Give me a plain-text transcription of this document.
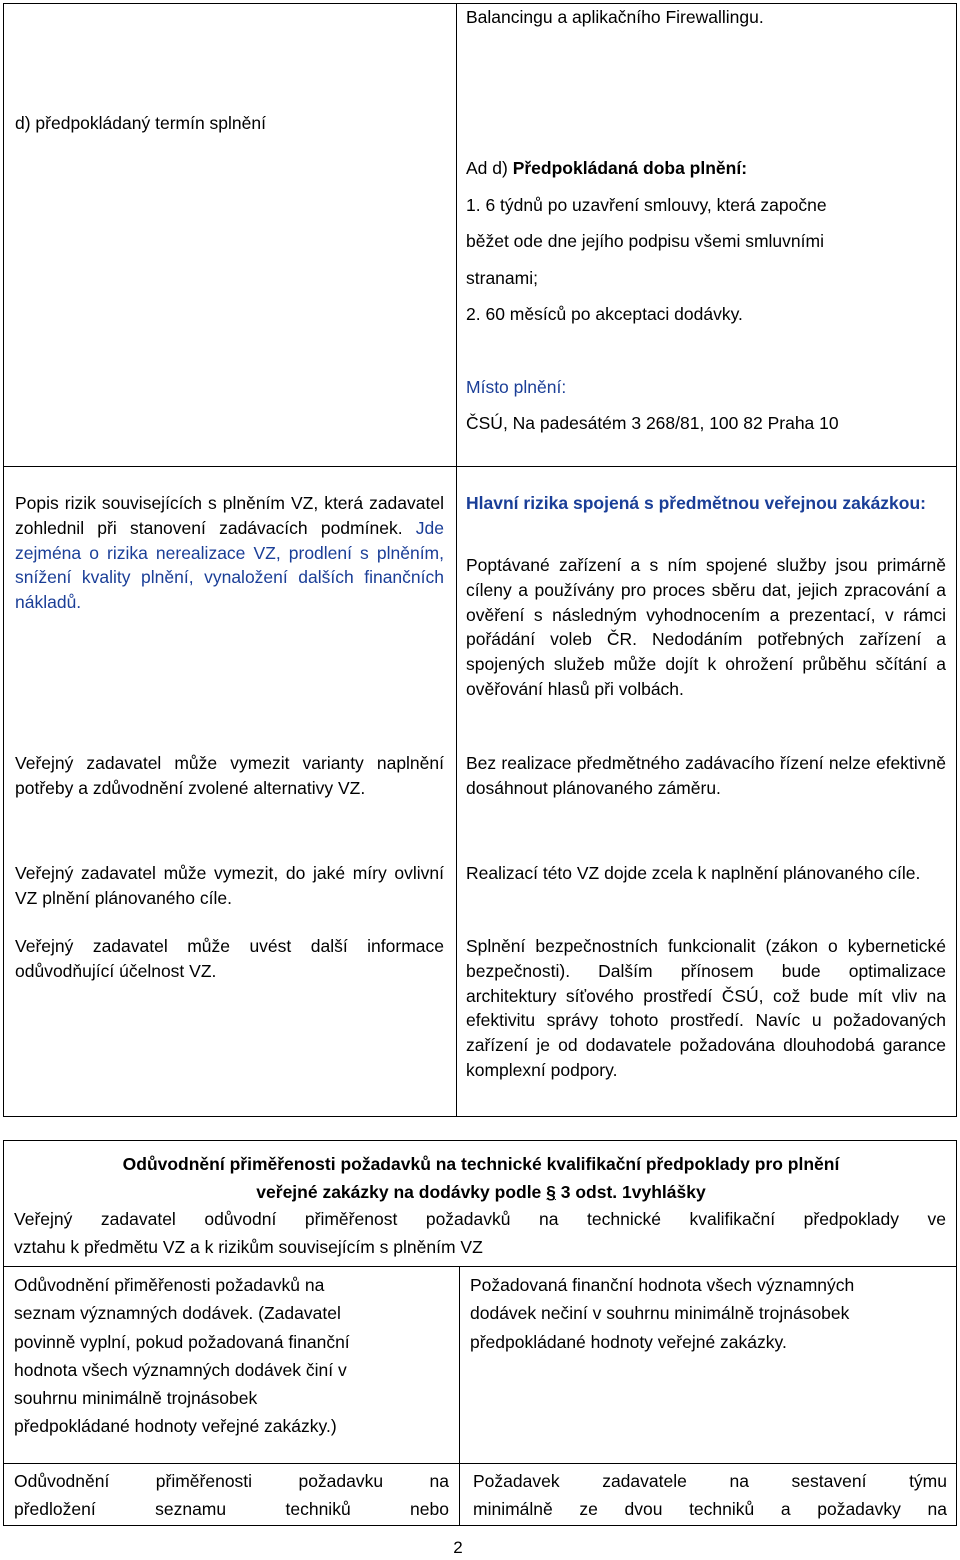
Balancingu a aplikačního Firewallingu.

Ad d) Předpokládaná doba plnění:

1. 6 týdnů po uzavření smlouvy, která započne

běžet ode dne jejího podpisu všemi smluvními

stranami;

2. 60 měsíců po akceptaci dodávky.

Místo plnění:

ČSÚ, Na padesátém 3 268/81, 100 82 Praha 10

d) předpokládaný termín splnění

Popis rizik souvisejících s plněním VZ, která zadavatel zohlednil při stanovení zadávacích podmínek. Jde zejména o rizika nerealizace VZ, prodlení s plněním, snížení kvality plnění, vynaložení dalších finančních nákladů.

Veřejný zadavatel může vymezit varianty naplnění potřeby a zdůvodnění zvolené alternativy VZ.

Veřejný zadavatel může vymezit, do jaké míry ovlivní VZ plnění plánovaného cíle.

Veřejný zadavatel může uvést další informace odůvodňující účelnost VZ.

Hlavní rizika spojená s předmětnou veřejnou zakázkou:

Poptávané zařízení a s ním spojené služby jsou primárně cíleny a používány pro proces sběru dat, jejich zpracování a ověření s následným vyhodnocením a prezentací, v rámci pořádání voleb ČR. Nedodáním potřebných zařízení a spojených služeb může dojít k ohrožení průběhu sčítání a ověřování hlasů při volbách.

Bez realizace předmětného zadávacího řízení nelze efektivně dosáhnout plánovaného záměru.

Realizací této VZ dojde zcela k naplnění plánovaného cíle.

Splnění bezpečnostních funkcionalit (zákon o kybernetické bezpečnosti). Dalším přínosem bude optimalizace architektury síťového prostředí ČSÚ, což bude mít vliv na efektivitu správy tohoto prostředí. Navíc u požadovaných zařízení je od dodavatele požadována dlouhodobá garance komplexní podpory.

Odůvodnění přiměřenosti požadavků na technické kvalifikační předpoklady pro plnění

veřejné zakázky na dodávky podle § 3 odst. 1vyhlášky

Veřejný zadavatel odůvodní přiměřenost požadavků na technické kvalifikační předpoklady ve

vztahu k předmětu VZ a k rizikům souvisejícím s plněním VZ

Odůvodnění přiměřenosti požadavků na

seznam významných dodávek. (Zadavatel

povinně vyplní, pokud požadovaná finanční

hodnota všech významných dodávek činí v

souhrnu minimálně trojnásobek

předpokládané hodnoty veřejné zakázky.)

Požadovaná finanční hodnota všech významných

dodávek nečiní v souhrnu minimálně trojnásobek

předpokládané hodnoty veřejné zakázky.

Odůvodnění přiměřenosti požadavku na

předložení seznamu techniků nebo

Požadavek zadavatele na sestavení týmu

minimálně ze dvou techniků a požadavky na

2
